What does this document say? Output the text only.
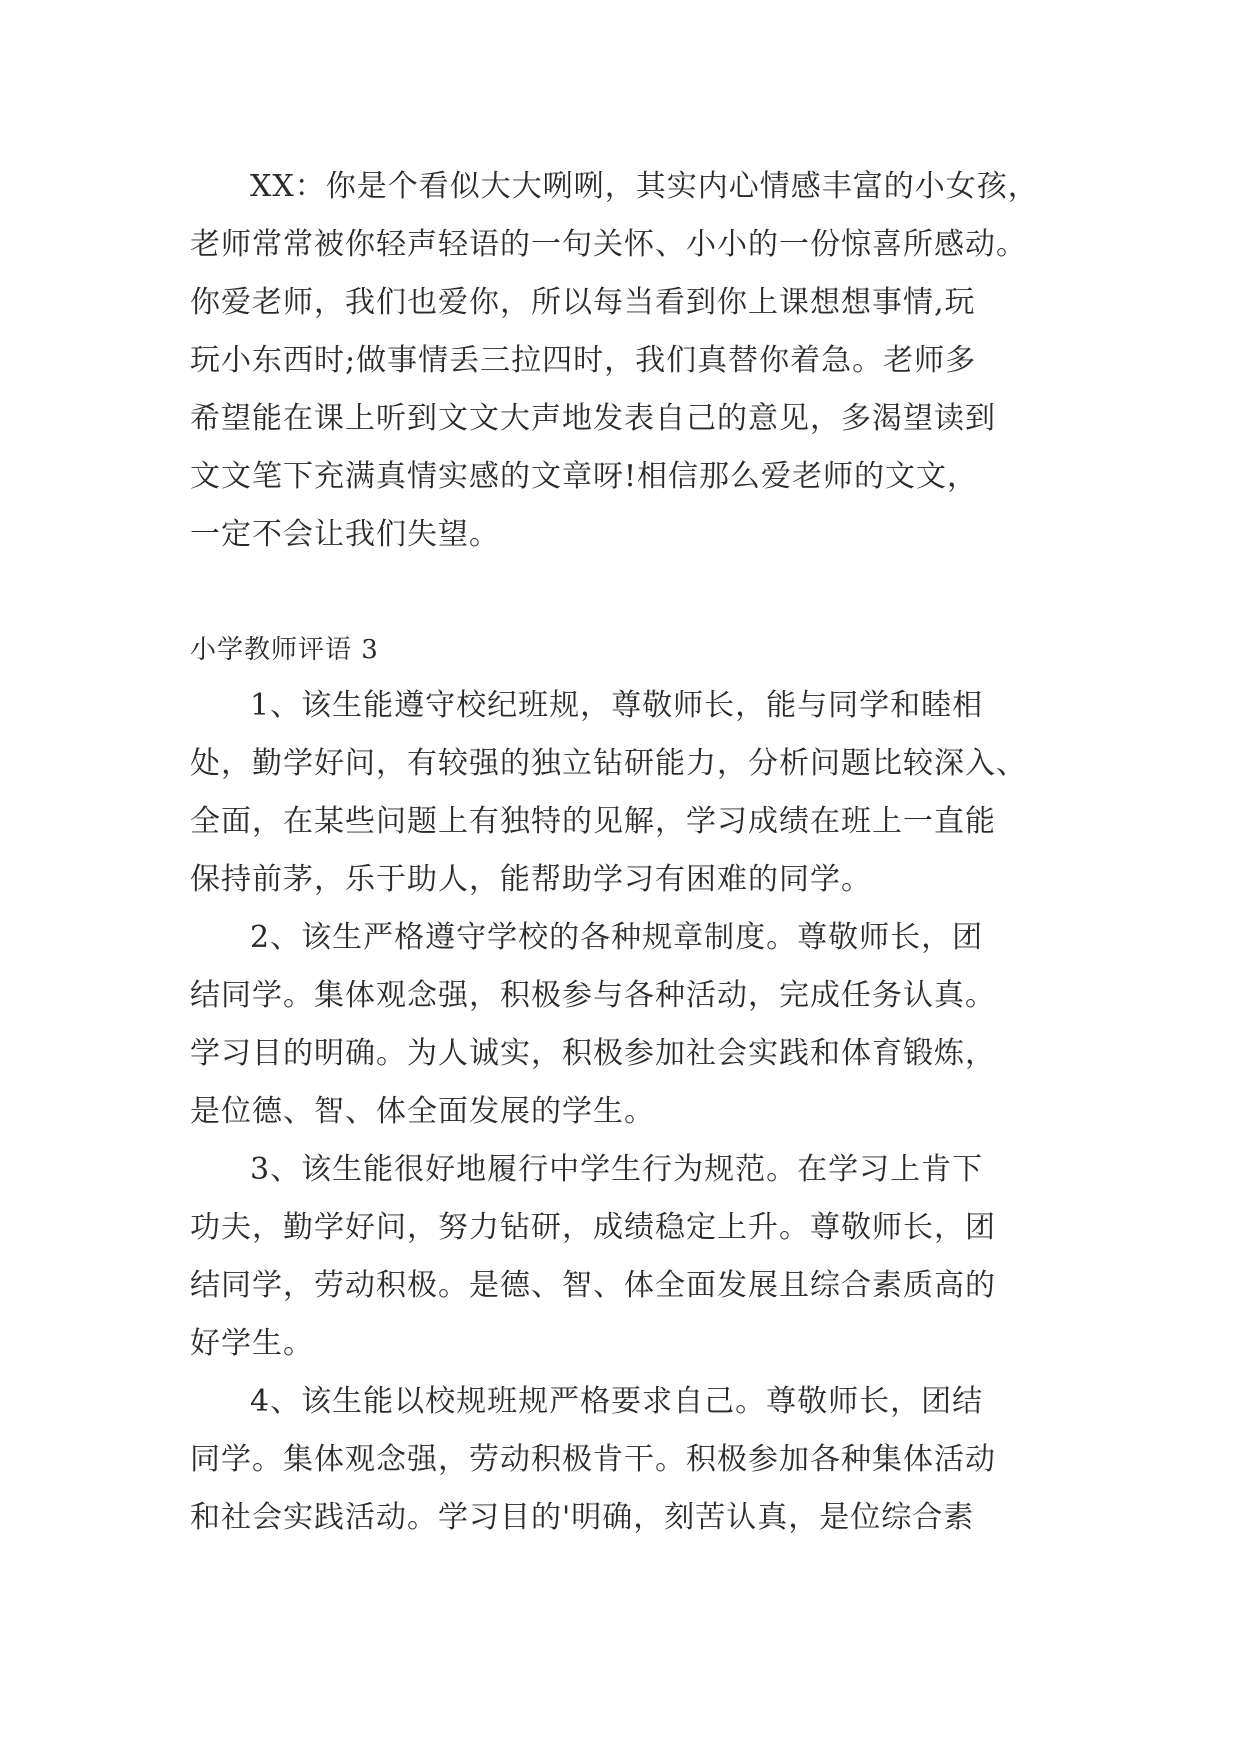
XX：你是个看似大大咧咧，其实内心情感丰富的小女孩，
老师常常被你轻声轻语的一句关怀、小小的一份惊喜所感动。
你爱老师，我们也爱你，所以每当看到你上课想想事情,玩
玩小东西时;做事情丢三拉四时，我们真替你着急。老师多
希望能在课上听到文文大声地发表自己的意见，多渴望读到
文文笔下充满真情实感的文章呀!相信那么爱老师的文文，
一定不会让我们失望。
小学教师评语 3
1、该生能遵守校纪班规，尊敬师长，能与同学和睦相
处，勤学好问，有较强的独立钻研能力，分析问题比较深入、
全面，在某些问题上有独特的见解，学习成绩在班上一直能
保持前茅，乐于助人，能帮助学习有困难的同学。
2、该生严格遵守学校的各种规章制度。尊敬师长，团
结同学。集体观念强，积极参与各种活动，完成任务认真。
学习目的明确。为人诚实，积极参加社会实践和体育锻炼，
是位德、智、体全面发展的学生。
3、该生能很好地履行中学生行为规范。在学习上肯下
功夫，勤学好问，努力钻研，成绩稳定上升。尊敬师长，团
结同学，劳动积极。是德、智、体全面发展且综合素质高的
好学生。
4、该生能以校规班规严格要求自己。尊敬师长，团结
同学。集体观念强，劳动积极肯干。积极参加各种集体活动
和社会实践活动。学习目的'明确，刻苦认真，是位综合素
